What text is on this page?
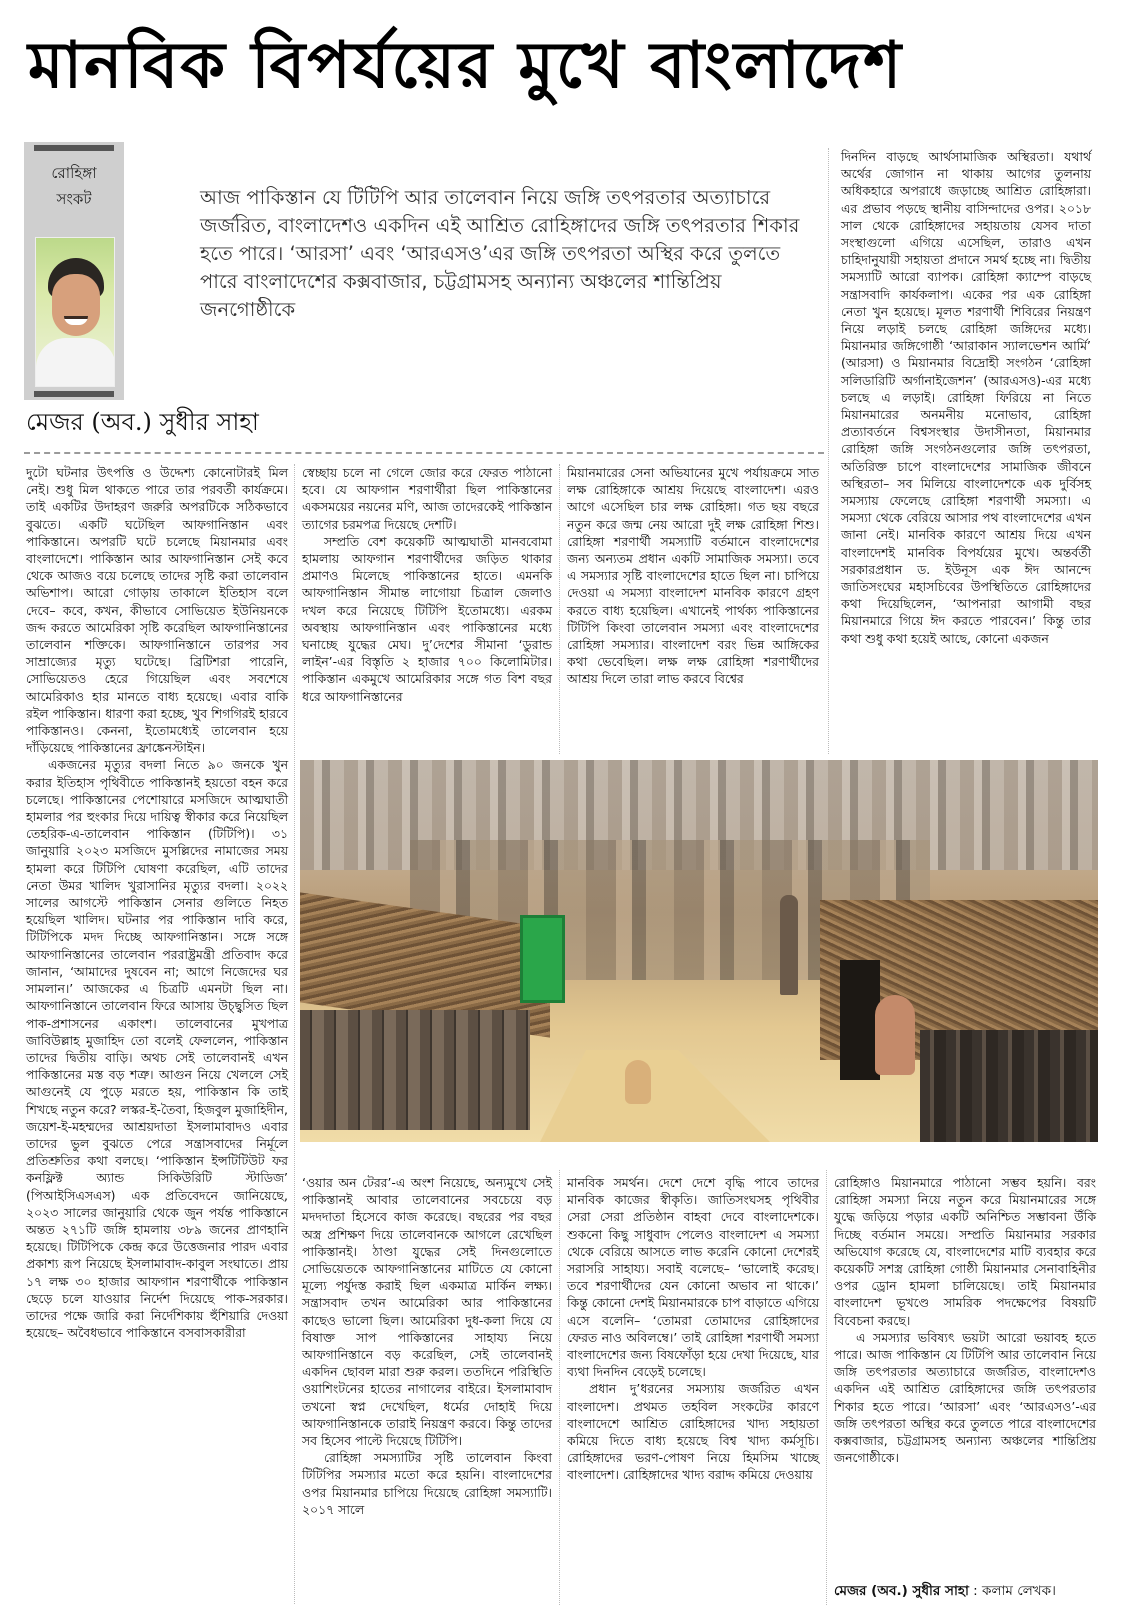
মানবিক বিপর্যয়ের মুখে বাংলাদেশ
রোহিঙ্গা
সংকট	আজ পাকিস্তান যে টিটিপি আর তালেবান নিয়ে জঙ্গি তৎপরতার অত্যাচারে জর্জরিত, বাংলাদেশও একদিন এই আশ্রিত রোহিঙ্গাদের জঙ্গি তৎপরতার শিকার হতে পারে। ‘আরসা’ এবং ‘আরএসও’এর জঙ্গি তৎপরতা অস্থির করে তুলতে পারে বাংলাদেশের কক্সবাজার, চট্টগ্রামসহ অন্যান্য অঞ্চলের শান্তিপ্রিয় জনগোষ্ঠীকে
মেজর (অব.) সুধীর সাহা

দুটো ঘটনার উৎপত্তি ও উদ্দেশ্য কোনোটারই মিল নেই। শুধু মিল থাকতে পারে তার পরবর্তী কার্যক্রমে। তাই একটির উদাহরণ জরুরি অপরটিকে সঠিকভাবে বুঝতে। একটি ঘটেছিল আফগানিস্তান এবং পাকিস্তানে। অপরটি ঘটে চলেছে মিয়ানমার এবং বাংলাদেশে। পাকিস্তান আর আফগানিস্তান সেই কবে থেকে আজও বয়ে চলেছে তাদের সৃষ্টি করা তালেবান অভিশাপ। আরো গোড়ায় তাকালে ইতিহাস বলে দেবে– কবে, কখন, কীভাবে সোভিয়েত ইউনিয়নকে জব্দ করতে আমেরিকা সৃষ্টি করেছিল আফগানিস্তানের তালেবান শক্তিকে। আফগানিস্তানে তারপর সব সাম্রাজ্যের মৃত্যু ঘটেছে। ব্রিটিশরা পারেনি, সোভিয়েতও হেরে গিয়েছিল এবং সবশেষে আমেরিকাও হার মানতে বাধ্য হয়েছে। এবার বাকি রইল পাকিস্তান। ধারণা করা হচ্ছে, খুব শিগগিরই হারবে পাকিস্তানও। কেননা, ইতোমধ্যেই তালেবান হয়ে দাঁড়িয়েছে পাকিস্তানের ফ্রাঙ্কেনস্টাইন।

একজনের মৃত্যুর বদলা নিতে ৯০ জনকে খুন করার ইতিহাস পৃথিবীতে পাকিস্তানই হয়তো বহন করে চলেছে। পাকিস্তানের পেশোয়ারে মসজিদে আত্মঘাতী হামলার পর হুংকার দিয়ে দায়িত্ব স্বীকার করে নিয়েছিল তেহরিক-এ-তালেবান পাকিস্তান (টিটিপি)। ৩১ জানুয়ারি ২০২৩ মসজিদে মুসল্লিদের নামাজের সময় হামলা করে টিটিপি ঘোষণা করেছিল, এটি তাদের নেতা উমর খালিদ খুরাসানির মৃত্যুর বদলা। ২০২২ সালের আগস্টে পাকিস্তান সেনার গুলিতে নিহত হয়েছিল খালিদ। ঘটনার পর পাকিস্তান দাবি করে, টিটিপিকে মদদ দিচ্ছে আফগানিস্তান। সঙ্গে সঙ্গে আফগানিস্তানের তালেবান পররাষ্ট্রমন্ত্রী প্রতিবাদ করে জানান, ‘আমাদের দুষবেন না; আগে নিজেদের ঘর সামলান।’ আজকের এ চিত্রটি এমনটা ছিল না। আফগানিস্তানে তালেবান ফিরে আসায় উচ্ছ্বসিত ছিল পাক-প্রশাসনের একাংশ। তালেবানের মুখপাত্র জাবিউল্লাহ মুজাহিদ তো বলেই ফেললেন, পাকিস্তান তাদের দ্বিতীয় বাড়ি। অথচ সেই তালেবানই এখন পাকিস্তানের মস্ত বড় শত্রু। আগুন নিয়ে খেললে সেই আগুনেই যে পুড়ে মরতে হয়, পাকিস্তান কি তাই শিখছে নতুন করে? লস্কর-ই-তৈবা, হিজবুল মুজাহিদীন, জয়েশ-ই-মহম্মদের আশ্রয়দাতা ইসলামাবাদও এবার তাদের ভুল বুঝতে পেরে সন্ত্রাসবাদের নির্মূলে প্রতিশ্রুতির কথা বলছে। ‘পাকিস্তান ইন্সটিটিউট ফর কনফ্লিক্ট অ্যান্ড সিকিউরিটি স্টাডিজ’ (পিআইসিএসএস) এক প্রতিবেদনে জানিয়েছে, ২০২৩ সালের জানুয়ারি থেকে জুন পর্যন্ত পাকিস্তানে অন্তত ২৭১টি জঙ্গি হামলায় ৩৮৯ জনের প্রাণহানি হয়েছে। টিটিপিকে কেন্দ্র করে উত্তেজনার পারদ এবার প্রকাশ্য রূপ নিয়েছে ইসলামাবাদ-কাবুল সংঘাতে। প্রায় ১৭ লক্ষ ৩০ হাজার আফগান শরণার্থীকে পাকিস্তান ছেড়ে চলে যাওয়ার নির্দেশ দিয়েছে পাক-সরকার। তাদের পক্ষে জারি করা নির্দেশিকায় হুঁশিয়ারি দেওয়া হয়েছে– অবৈধভাবে পাকিস্তানে বসবাসকারীরা

স্বেচ্ছায় চলে না গেলে জোর করে ফেরত পাঠানো হবে। যে আফগান শরণার্থীরা ছিল পাকিস্তানের একসময়ের নয়নের মণি, আজ তাদেরকেই পাকিস্তান ত্যাগের চরমপত্র দিয়েছে দেশটি।

সম্প্রতি বেশ কয়েকটি আত্মঘাতী মানববোমা হামলায় আফগান শরণার্থীদের জড়িত থাকার প্রমাণও মিলেছে পাকিস্তানের হাতে। এমনকি আফগানিস্তান সীমান্ত লাগোয়া চিত্রাল জেলাও দখল করে নিয়েছে টিটিপি ইতোমধ্যে। এরকম অবস্থায় আফগানিস্তান এবং পাকিস্তানের মধ্যে ঘনাচ্ছে যুদ্ধের মেঘ। দু’দেশের সীমানা ‘ডুরান্ড লাইন’-এর বিস্তৃতি ২ হাজার ৭০০ কিলোমিটার। পাকিস্তান একমুখে আমেরিকার সঙ্গে গত বিশ বছর ধরে আফগানিস্তানের

মিয়ানমারের সেনা অভিযানের মুখে পর্যায়ক্রমে সাত লক্ষ রোহিঙ্গাকে আশ্রয় দিয়েছে বাংলাদেশ। এরও আগে এসেছিল চার লক্ষ রোহিঙ্গা। গত ছয় বছরে নতুন করে জন্ম নেয় আরো দুই লক্ষ রোহিঙ্গা শিশু। রোহিঙ্গা শরণার্থী সমস্যাটি বর্তমানে বাংলাদেশের জন্য অন্যতম প্রধান একটি সামাজিক সমস্যা। তবে এ সমস্যার সৃষ্টি বাংলাদেশের হাতে ছিল না। চাপিয়ে দেওয়া এ সমস্যা বাংলাদেশ মানবিক কারণে গ্রহণ করতে বাধ্য হয়েছিল। এখানেই পার্থক্য পাকিস্তানের টিটিপি কিংবা তালেবান সমস্যা এবং বাংলাদেশের রোহিঙ্গা সমস্যার। বাংলাদেশ বরং ভিন্ন আঙ্গিকের কথা ভেবেছিল। লক্ষ লক্ষ রোহিঙ্গা শরণার্থীদের আশ্রয় দিলে তারা লাভ করবে বিশ্বের

দিনদিন বাড়ছে আর্থসামাজিক অস্থিরতা। যথার্থ অর্থের জোগান না থাকায় আগের তুলনায় অধিকহারে অপরাধে জড়াচ্ছে আশ্রিত রোহিঙ্গারা। এর প্রভাব পড়ছে স্থানীয় বাসিন্দাদের ওপর। ২০১৮ সাল থেকে রোহিঙ্গাদের সহায়তায় যেসব দাতা সংস্থাগুলো এগিয়ে এসেছিল, তারাও এখন চাহিদানুযায়ী সহায়তা প্রদানে সমর্থ হচ্ছে না। দ্বিতীয় সমস্যাটি আরো ব্যাপক। রোহিঙ্গা ক্যাম্পে বাড়ছে সন্ত্রাসবাদি কার্যকলাপ। একের পর এক রোহিঙ্গা নেতা খুন হয়েছে। মূলত শরণার্থী শিবিরের নিয়ন্ত্রণ নিয়ে লড়াই চলছে রোহিঙ্গা জঙ্গিদের মধ্যে। মিয়ানমার জঙ্গিগোষ্ঠী ‘আরাকান স্যালভেশন আর্মি’ (আরসা) ও মিয়ানমার বিদ্রোহী সংগঠন ‘রোহিঙ্গা সলিডারিটি অর্গানাইজেশন’ (আরএসও)-এর মধ্যে চলছে এ লড়াই। রোহিঙ্গা ফিরিয়ে না নিতে মিয়ানমারের অনমনীয় মনোভাব, রোহিঙ্গা প্রত্যাবর্তনে বিশ্বসংস্থার উদাসীনতা, মিয়ানমার রোহিঙ্গা জঙ্গি সংগঠনগুলোর জঙ্গি তৎপরতা, অতিরিক্ত চাপে বাংলাদেশের সামাজিক জীবনে অস্থিরতা– সব মিলিয়ে বাংলাদেশকে এক দুর্বিসহ সমস্যায় ফেলেছে রোহিঙ্গা শরণার্থী সমস্যা। এ সমস্যা থেকে বেরিয়ে আসার পথ বাংলাদেশের এখন জানা নেই। মানবিক কারণে আশ্রয় দিয়ে এখন বাংলাদেশই মানবিক বিপর্যয়ের মুখে। অন্তর্বর্তী সরকারপ্রধান ড. ইউনূস এক ঈদ আনন্দে জাতিসংঘের মহাসচিবের উপস্থিতিতে রোহিঙ্গাদের কথা দিয়েছিলেন, ‘আপনারা আগামী বছর মিয়ানমারে গিয়ে ঈদ করতে পারবেন।’ কিন্তু তার কথা শুধু কথা হয়েই আছে, কোনো একজন

‘ওয়ার অন টেরর’-এ অংশ নিয়েছে, অন্যমুখে সেই পাকিস্তানই আবার তালেবানের সবচেয়ে বড় মদদদাতা হিসেবে কাজ করেছে। বছরের পর বছর অস্ত্র প্রশিক্ষণ দিয়ে তালেবানকে আগলে রেখেছিল পাকিস্তানই। ঠাণ্ডা যুদ্ধের সেই দিনগুলোতে সোভিয়েতকে আফগানিস্তানের মাটিতে যে কোনো মূল্যে পর্যুদস্ত করাই ছিল একমাত্র মার্কিন লক্ষ্য। সন্ত্রাসবাদ তখন আমেরিকা আর পাকিস্তানের কাছেও ভালো ছিল। আমেরিকা দুধ-কলা দিয়ে যে বিষাক্ত সাপ পাকিস্তানের সাহায্য নিয়ে আফগানিস্তানে বড় করেছিল, সেই তালেবানই একদিন ছোবল মারা শুরু করল। ততদিনে পরিস্থিতি ওয়াশিংটনের হাতের নাগালের বাইরে। ইসলামাবাদ তখনো স্বপ্ন দেখেছিল, ধর্মের দোহাই দিয়ে আফগানিস্তানকে তারাই নিয়ন্ত্রণ করবে। কিন্তু তাদের সব হিসেব পাল্টে দিয়েছে টিটিপি।

রোহিঙ্গা সমস্যাটির সৃষ্টি তালেবান কিংবা টিটিপির সমস্যার মতো করে হয়নি। বাংলাদেশের ওপর মিয়ানমার চাপিয়ে দিয়েছে রোহিঙ্গা সমস্যাটি। ২০১৭ সালে

মানবিক সমর্থন। দেশে দেশে বৃদ্ধি পাবে তাদের মানবিক কাজের স্বীকৃতি। জাতিসংঘসহ পৃথিবীর সেরা সেরা প্রতিষ্ঠান বাহবা দেবে বাংলাদেশকে। শুকনো কিছু সাধুবাদ পেলেও বাংলাদেশ এ সমস্যা থেকে বেরিয়ে আসতে লাভ করেনি কোনো দেশেরই সরাসরি সাহায্য। সবাই বলেছে– ‘ভালোই করেছ। তবে শরণার্থীদের যেন কোনো অভাব না থাকে।’ কিন্তু কোনো দেশই মিয়ানমারকে চাপ বাড়াতে এগিয়ে এসে বলেনি– ‘তোমরা তোমাদের রোহিঙ্গাদের ফেরত নাও অবিলম্বে।’ তাই রোহিঙ্গা শরণার্থী সমস্যা বাংলাদেশের জন্য বিষফোঁড়া হয়ে দেখা দিয়েছে, যার ব্যথা দিনদিন বেড়েই চলেছে।

প্রধান দু’ধরনের সমস্যায় জর্জরিত এখন বাংলাদেশ। প্রথমত তহবিল সংকটের কারণে বাংলাদেশে আশ্রিত রোহিঙ্গাদের খাদ্য সহায়তা কমিয়ে দিতে বাধ্য হয়েছে বিশ্ব খাদ্য কর্মসূচি। রোহিঙ্গাদের ভরণ-পোষণ নিয়ে হিমসিম খাচ্ছে বাংলাদেশ। রোহিঙ্গাদের খাদ্য বরাদ্দ কমিয়ে দেওয়ায়

রোহিঙ্গাও মিয়ানমারে পাঠানো সম্ভব হয়নি। বরং রোহিঙ্গা সমস্যা নিয়ে নতুন করে মিয়ানমারের সঙ্গে যুদ্ধে জড়িয়ে পড়ার একটি অনিশ্চিত সম্ভাবনা উঁকি দিচ্ছে বর্তমান সময়ে। সম্প্রতি মিয়ানমার সরকার অভিযোগ করেছে যে, বাংলাদেশের মাটি ব্যবহার করে কয়েকটি সশস্ত্র রোহিঙ্গা গোষ্ঠী মিয়ানমার সেনাবাহিনীর ওপর ড্রোন হামলা চালিয়েছে। তাই মিয়ানমার বাংলাদেশ ভূখণ্ডে সামরিক পদক্ষেপের বিষয়টি বিবেচনা করছে।

এ সমস্যার ভবিষ্যৎ ভয়টা আরো ভয়াবহ হতে পারে। আজ পাকিস্তান যে টিটিপি আর তালেবান নিয়ে জঙ্গি তৎপরতার অত্যাচারে জর্জরিত, বাংলাদেশও একদিন এই আশ্রিত রোহিঙ্গাদের জঙ্গি তৎপরতার শিকার হতে পারে। ‘আরসা’ এবং ‘আরএসও’-এর জঙ্গি তৎপরতা অস্থির করে তুলতে পারে বাংলাদেশের কক্সবাজার, চট্টগ্রামসহ অন্যান্য অঞ্চলের শান্তিপ্রিয় জনগোষ্ঠীকে।

মেজর (অব.) সুধীর সাহা : কলাম লেখক।
